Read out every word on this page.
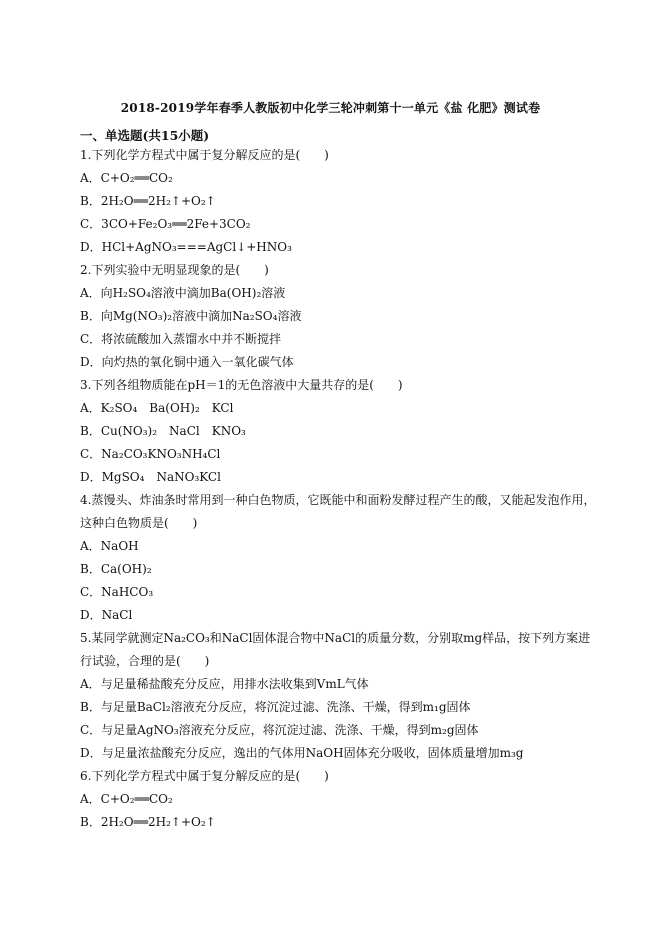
2018-2019学年春季人教版初中化学三轮冲刺第十一单元《盐 化肥》测试卷
一、单选题(共15小题)
1.下列化学方程式中属于复分解反应的是(　　)
A．C+O₂══CO₂
B．2H₂O══2H₂↑+O₂↑
C．3CO+Fe₂O₃══2Fe+3CO₂
D．HCl+AgNO₃===AgCl↓+HNO₃
2.下列实验中无明显现象的是(　　)
A．向H₂SO₄溶液中滴加Ba(OH)₂溶液
B．向Mg(NO₃)₂溶液中滴加Na₂SO₄溶液
C．将浓硫酸加入蒸馏水中并不断搅拌
D．向灼热的氧化铜中通入一氧化碳气体
3.下列各组物质能在pH＝1的无色溶液中大量共存的是(　　)
A．K₂SO₄　Ba(OH)₂　KCl
B．Cu(NO₃)₂　NaCl　KNO₃
C．Na₂CO₃KNO₃NH₄Cl
D．MgSO₄　NaNO₃KCl
4.蒸馒头、炸油条时常用到一种白色物质，它既能中和面粉发酵过程产生的酸，又能起发泡作用，
这种白色物质是(　　)
A．NaOH
B．Ca(OH)₂
C．NaHCO₃
D．NaCl
5.某同学就测定Na₂CO₃和NaCl固体混合物中NaCl的质量分数，分别取mg样品，按下列方案进
行试验，合理的是(　　)
A．与足量稀盐酸充分反应，用排水法收集到VmL气体
B．与足量BaCl₂溶液充分反应，将沉淀过滤、洗涤、干燥，得到m₁g固体
C．与足量AgNO₃溶液充分反应，将沉淀过滤、洗涤、干燥，得到m₂g固体
D．与足量浓盐酸充分反应，逸出的气体用NaOH固体充分吸收，固体质量增加m₃g
6.下列化学方程式中属于复分解反应的是(　　)
A．C+O₂══CO₂
B．2H₂O══2H₂↑+O₂↑
